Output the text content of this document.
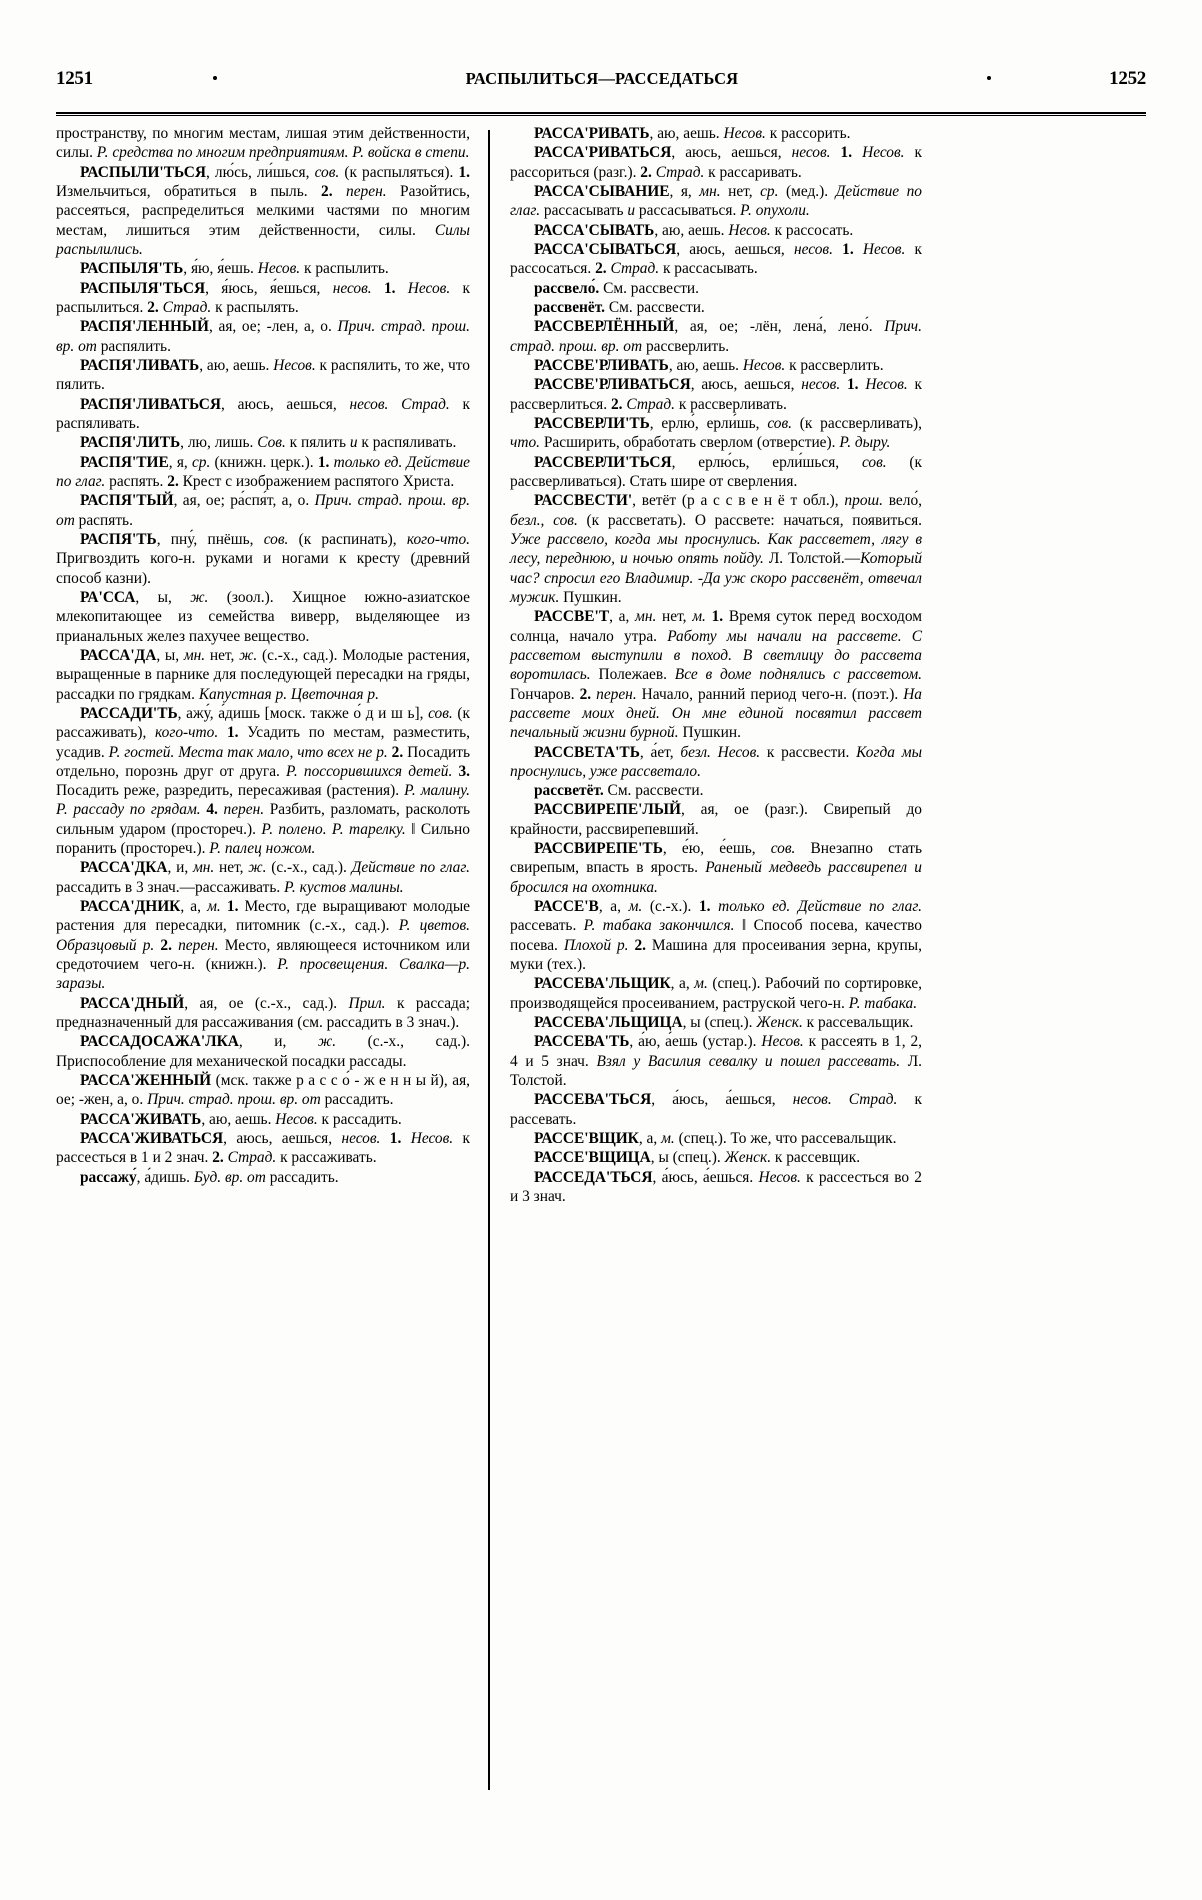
1251	РАСПЫЛИТЬСЯ—РАССЕДАТЬСЯ	1252

пространству, по многим местам, лишая этим действенности, силы. Р. средства по многим предприятиям. Р. войска в степи.

РАСПЫЛИ'ТЬСЯ, лю́сь, ли́шься, сов. (к распыляться). 1. Измельчиться, обратиться в пыль. 2. перен. Разойтись, рассеяться, распределиться мелкими частями по многим местам, лишиться этим действенности, силы. Силы распылились.

РАСПЫЛЯ'ТЬ, я́ю, я́ешь. Несов. к распылить.

РАСПЫЛЯ'ТЬСЯ, я́юсь, я́ешься, несов. 1. Несов. к распылиться. 2. Страд. к распылять.

РАСПЯ'ЛЕННЫЙ, ая, ое; -лен, а, о. Прич. страд. прош. вр. от распялить.

РАСПЯ'ЛИВАТЬ, аю, аешь. Несов. к распялить, то же, что пялить.

РАСПЯ'ЛИВАТЬСЯ, аюсь, аешься, несов. Страд. к распяливать.

РАСПЯ'ЛИТЬ, лю, лишь. Сов. к пялить и к распяливать.

РАСПЯ'ТИЕ, я, ср. (книжн. церк.). 1. только ед. Действие по глаг. распять. 2. Крест с изображением распятого Христа.

РАСПЯ'ТЫЙ, ая, ое; ра́спя́т, а, о. Прич. страд. прош. вр. от распять.

РАСПЯ'ТЬ, пну́, пнёшь, сов. (к распинать), кого-что. Пригвоздить кого-н. руками и ногами к кресту (древний способ казни).

РА'ССА, ы, ж. (зоол.). Хищное южно-азиатское млекопитающее из семейства виверр, выделяющее из прианальных желез пахучее вещество.

РАССА'ДА, ы, мн. нет, ж. (с.-х., сад.). Молодые растения, выращенные в парнике для последующей пересадки на гряды, рассадки по грядкам. Капустная р. Цветочная р.

РАССАДИ'ТЬ, ажу́, а́дишь [моск. также о́ д и ш ь], сов. (к рассаживать), кого-что. 1. Усадить по местам, разместить, усадив. Р. гостей. Места так мало, что всех не р. 2. Посадить отдельно, порознь друг от друга. Р. поссорившихся детей. 3. Посадить реже, разредить, пересаживая (растения). Р. малину. Р. рассаду по грядам. 4. перен. Разбить, разломать, расколоть сильным ударом (простореч.). Р. полено. Р. тарелку. ‖ Сильно поранить (простореч.). Р. палец ножом.

РАССА'ДКА, и, мн. нет, ж. (с.-х., сад.). Действие по глаг. рассадить в 3 знач.—рассаживать. Р. кустов малины.

РАССА'ДНИК, а, м. 1. Место, где выращивают молодые растения для пересадки, питомник (с.-х., сад.). Р. цветов. Образцовый р. 2. перен. Место, являющееся источником или средоточием чего-н. (книжн.). Р. просвещения. Свалка—р. заразы.

РАССА'ДНЫЙ, ая, ое (с.-х., сад.). Прил. к рассада; предназначенный для рассаживания (см. рассадить в 3 знач.).

РАССАДОСАЖА'ЛКА, и, ж. (с.-х., сад.). Приспособление для механической посадки рассады.

РАССА'ЖЕННЫЙ (мск. также р а с с о́ - ж е н н ы й), ая, ое; -жен, а, о. Прич. страд. прош. вр. от рассадить.

РАССА'ЖИВАТЬ, аю, аешь. Несов. к рассадить.

РАССА'ЖИВАТЬСЯ, аюсь, аешься, несов. 1. Несов. к рассесться в 1 и 2 знач. 2. Страд. к рассаживать.

рассажу́, а́дишь. Буд. вр. от рассадить.

РАССА'РИВАТЬ, аю, аешь. Несов. к рассорить.

РАССА'РИВАТЬСЯ, аюсь, аешься, несов. 1. Несов. к рассориться (разг.). 2. Страд. к рассаривать.

РАССА'СЫВАНИЕ, я, мн. нет, ср. (мед.). Действие по глаг. рассасывать и рассасываться. Р. опухоли.

РАССА'СЫВАТЬ, аю, аешь. Несов. к рассосать.

РАССА'СЫВАТЬСЯ, аюсь, аешься, несов. 1. Несов. к рассосаться. 2. Страд. к рассасывать.

рассвело́. См. рассвести.

рассвенёт. См. рассвести.

РАССВЕРЛЁННЫЙ, ая, ое; -лён, лена́, лено́. Прич. страд. прош. вр. от рассверлить.

РАССВЕ'РЛИВАТЬ, аю, аешь. Несов. к рассверлить.

РАССВЕ'РЛИВАТЬСЯ, аюсь, аешься, несов. 1. Несов. к рассверлиться. 2. Страд. к рассверливать.

РАССВЕРЛИ'ТЬ, ерлю́, ерли́шь, сов. (к рассверливать), что. Расширить, обработать сверлом (отверстие). Р. дыру.

РАССВЕРЛИ'ТЬСЯ, ерлю́сь, ерли́шься, сов. (к рассверливаться). Стать шире от сверления.

РАССВЕСТИ', ветёт (р а с с в е н ё т обл.), прош. вело́, безл., сов. (к рассветать). О рассвете: начаться, появиться. Уже рассвело, когда мы проснулись. Как рассветет, лягу в лесу, переднюю, и ночью опять пойду. Л. Толстой.—Который час? спросил его Владимир. -Да уж скоро рассвенёт, отвечал мужик. Пушкин.

РАССВЕ'Т, а, мн. нет, м. 1. Время суток перед восходом солнца, начало утра. Работу мы начали на рассвете. С рассветом выступили в поход. В светлицу до рассвета воротилась. Полежаев. Все в доме поднялись с рассветом. Гончаров. 2. перен. Начало, ранний период чего-н. (поэт.). На рассвете моих дней. Он мне единой посвятил рассвет печальный жизни бурной. Пушкин.

РАССВЕТА'ТЬ, а́ет, безл. Несов. к рассвести. Когда мы проснулись, уже рассветало.

рассветёт. См. рассвести.

РАССВИРЕПЕ'ЛЫЙ, ая, ое (разг.). Свирепый до крайности, рассвирепевший.

РАССВИРЕПЕ'ТЬ, е́ю, е́ешь, сов. Внезапно стать свирепым, впасть в ярость. Раненый медведь рассвирепел и бросился на охотника.

РАССЕ'В, а, м. (с.-х.). 1. только ед. Действие по глаг. рассевать. Р. табака закончился. ‖ Способ посева, качество посева. Плохой р. 2. Машина для просеивания зерна, крупы, муки (тех.).

РАССЕВА'ЛЬЩИК, а, м. (спец.). Рабочий по сортировке, производящейся просеиванием, раструской чего-н. Р. табака.

РАССЕВА'ЛЬЩИЦА, ы (спец.). Женск. к рассевальщик.

РАССЕВА'ТЬ, а́ю, а́ешь (устар.). Несов. к рассеять в 1, 2, 4 и 5 знач. Взял у Василия севалку и пошел рассевать. Л. Толстой.

РАССЕВА'ТЬСЯ, а́юсь, а́ешься, несов. Страд. к рассевать.

РАССЕ'ВЩИК, а, м. (спец.). То же, что рассевальщик.

РАССЕ'ВЩИЦА, ы (спец.). Женск. к рассевщик.

РАССЕДА'ТЬСЯ, а́юсь, а́ешься. Несов. к рассесться во 2 и 3 знач.
